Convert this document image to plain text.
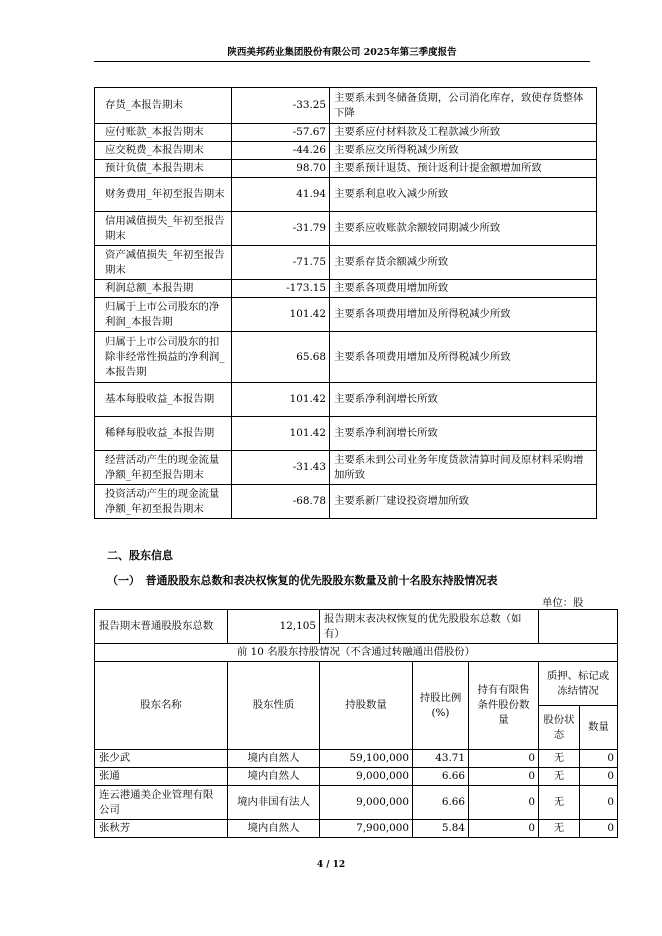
陕西美邦药业集团股份有限公司 2025年第三季度报告
存货_本报告期末	-33.25	主要系未到冬储备货期，公司消化库存，致使存货整体下降
应付账款_本报告期末	-57.67	主要系应付材料款及工程款减少所致
应交税费_本报告期末	-44.26	主要系应交所得税减少所致
预计负债_本报告期末	98.70	主要系预计退货、预计返利计提金额增加所致
财务费用_年初至报告期末	41.94	主要系利息收入减少所致
信用减值损失_年初至报告期末	-31.79	主要系应收账款余额较同期减少所致
资产减值损失_年初至报告期末	-71.75	主要系存货余额减少所致
利润总额_本报告期	-173.15	主要系各项费用增加所致
归属于上市公司股东的净利润_本报告期	101.42	主要系各项费用增加及所得税减少所致
归属于上市公司股东的扣除非经常性损益的净利润_本报告期	65.68	主要系各项费用增加及所得税减少所致
基本每股收益_本报告期	101.42	主要系净利润增长所致
稀释每股收益_本报告期	101.42	主要系净利润增长所致
经营活动产生的现金流量净额_年初至报告期末	-31.43	主要系未到公司业务年度货款清算时间及原材料采购增加所致
投资活动产生的现金流量净额_年初至报告期末	-68.78	主要系新厂建设投资增加所致
二、股东信息
（一）　普通股股东总数和表决权恢复的优先股股东数量及前十名股东持股情况表
单位：股
报告期末普通股股东总数	12,105	报告期末表决权恢复的优先股股东总数（如有）				
前 10 名股东持股情况（不含通过转融通出借股份）						
股东名称	股东性质	持股数量	持股比例(%)	持有有限售条件股份数量	质押、标记或冻结情况	
					股份状态	数量
张少武	境内自然人	59,100,000	43.71	0	无	0
张通	境内自然人	9,000,000	6.66	0	无	0
连云港通美企业管理有限公司	境内非国有法人	9,000,000	6.66	0	无	0
张秋芳	境内自然人	7,900,000	5.84	0	无	0
4 / 12
